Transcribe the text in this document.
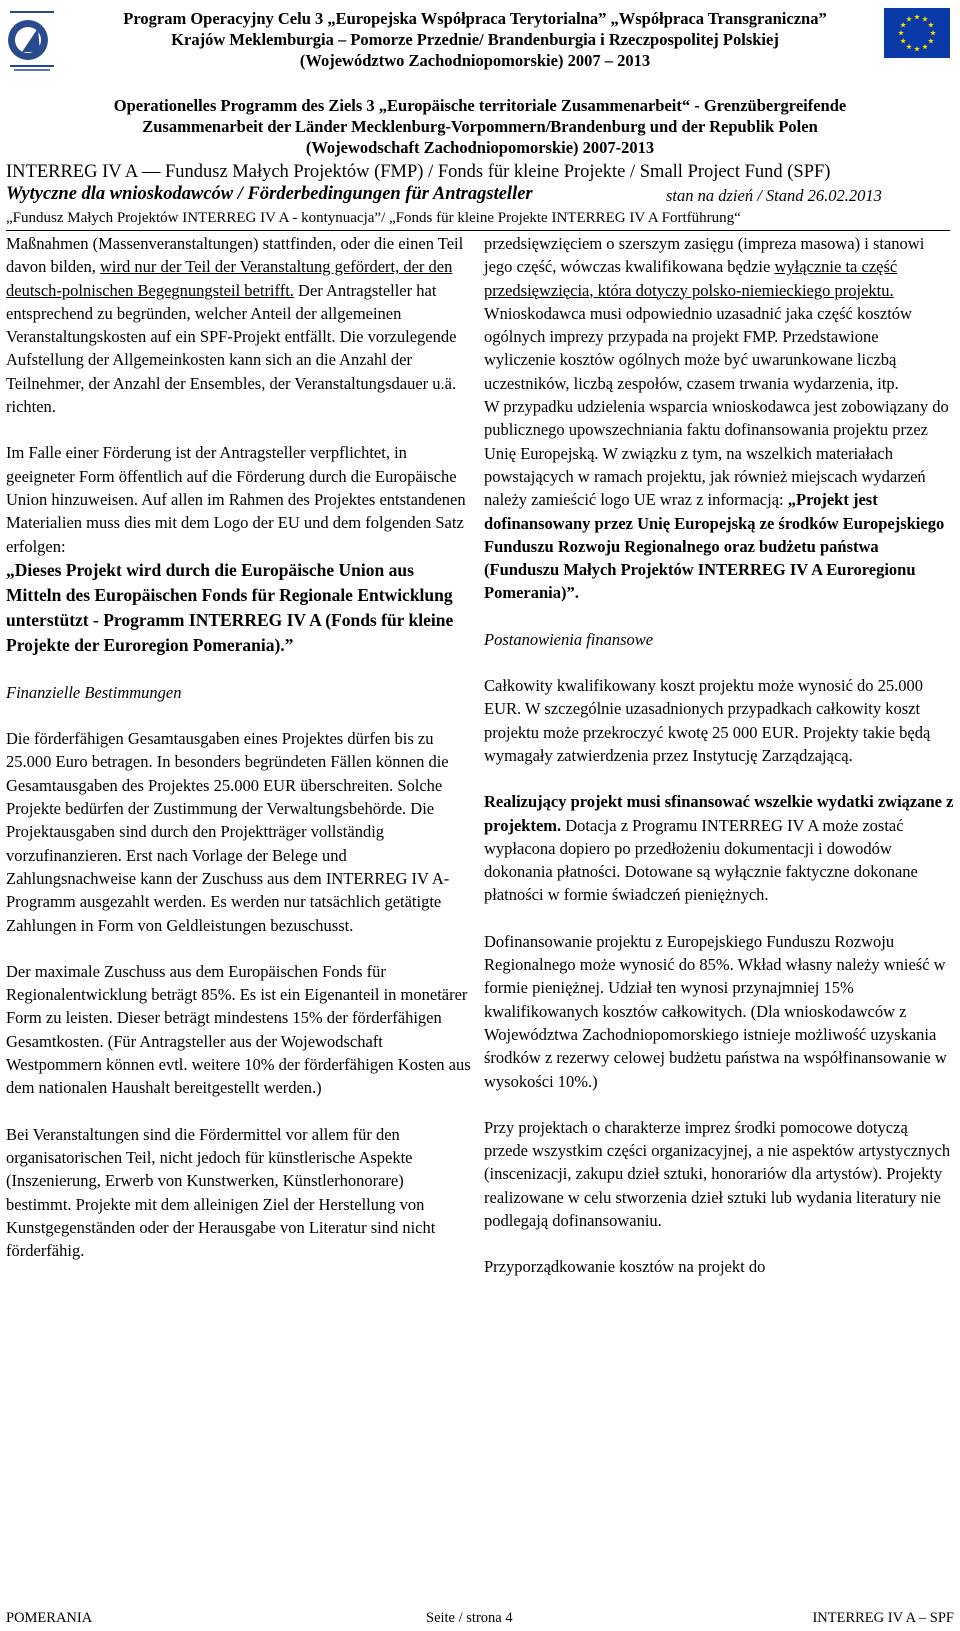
Program Operacyjny Celu 3 „Europejska Współpraca Terytorialna” „Współpraca Transgraniczna”
Krajów Meklemburgia – Pomorze Przednie/ Brandenburgia i Rzeczpospolitej Polskiej
(Województwo Zachodniopomorskie) 2007 – 2013
Operationelles Programm des Ziels 3 „Europäische territoriale Zusammenarbeit“ - Grenzübergreifende
Zusammenarbeit der Länder Mecklenburg-Vorpommern/Brandenburg und der Republik Polen
(Wojewodschaft Zachodniopomorskie) 2007-2013
INTERREG IV A — Fundusz Małych Projektów (FMP) / Fonds für kleine Projekte / Small Project Fund (SPF)
Wytyczne dla wnioskodawców / Förderbedingungen für Antragsteller	stan na dzień / Stand 26.02.2013
„Fundusz Małych Projektów INTERREG IV A - kontynuacja”/ „Fonds für kleine Projekte INTERREG IV A Fortführung“

Maßnahmen (Massenveranstaltungen) stattfinden, oder die einen Teil davon bilden, wird nur der Teil der Veranstaltung gefördert, der den deutsch-polnischen Begegnungsteil betrifft. Der Antragsteller hat entsprechend zu begründen, welcher Anteil der allgemeinen Veranstaltungskosten auf ein SPF-Projekt entfällt. Die vorzulegende Aufstellung der Allgemeinkosten kann sich an die Anzahl der Teilnehmer, der Anzahl der Ensembles, der Veranstaltungsdauer u.ä. richten.

Im Falle einer Förderung ist der Antragsteller verpflichtet, in geeigneter Form öffentlich auf die Förderung durch die Europäische Union hinzuweisen. Auf allen im Rahmen des Projektes entstandenen Materialien muss dies mit dem Logo der EU und dem folgenden Satz erfolgen:

„Dieses Projekt wird durch die Europäische Union aus Mitteln des Europäischen Fonds für Regionale Entwicklung unterstützt - Programm INTERREG IV A (Fonds für kleine Projekte der Euroregion Pomerania).”

Finanzielle Bestimmungen

Die förderfähigen Gesamtausgaben eines Projektes dürfen bis zu 25.000 Euro betragen. In besonders begründeten Fällen können die Gesamtausgaben des Projektes 25.000 EUR überschreiten. Solche Projekte bedürfen der Zustimmung der Verwaltungsbehörde. Die Projektausgaben sind durch den Projektträger vollständig vorzufinanzieren. Erst nach Vorlage der Belege und Zahlungsnachweise kann der Zuschuss aus dem INTERREG IV A-Programm ausgezahlt werden. Es werden nur tatsächlich getätigte Zahlungen in Form von Geldleistungen bezuschusst.

Der maximale Zuschuss aus dem Europäischen Fonds für Regionalentwicklung beträgt 85%. Es ist ein Eigenanteil in monetärer Form zu leisten. Dieser beträgt mindestens 15% der förderfähigen Gesamtkosten. (Für Antragsteller aus der Wojewodschaft Westpommern können evtl. weitere 10% der förderfähigen Kosten aus dem nationalen Haushalt bereitgestellt werden.)

Bei Veranstaltungen sind die Fördermittel vor allem für den organisatorischen Teil, nicht jedoch für künstlerische Aspekte (Inszenierung, Erwerb von Kunstwerken, Künstlerhonorare) bestimmt. Projekte mit dem alleinigen Ziel der Herstellung von Kunstgegenständen oder der Herausgabe von Literatur sind nicht förderfähig.

przedsięwzięciem o szerszym zasięgu (impreza masowa) i stanowi jego część, wówczas kwalifikowana będzie wyłącznie ta część przedsięwzięcia, która dotyczy polsko-niemieckiego projektu.

Wnioskodawca musi odpowiednio uzasadnić jaka część kosztów ogólnych imprezy przypada na projekt FMP. Przedstawione wyliczenie kosztów ogólnych może być uwarunkowane liczbą uczestników, liczbą zespołów, czasem trwania wydarzenia, itp.

W przypadku udzielenia wsparcia wnioskodawca jest zobowiązany do publicznego upowszechniania faktu dofinansowania projektu przez Unię Europejską. W związku z tym, na wszelkich materiałach powstających w ramach projektu, jak również miejscach wydarzeń należy zamieścić logo UE wraz z informacją: „Projekt jest dofinansowany przez Unię Europejską ze środków Europejskiego Funduszu Rozwoju Regionalnego oraz budżetu państwa (Funduszu Małych Projektów INTERREG IV A Euroregionu Pomerania)”.

Postanowienia finansowe

Całkowity kwalifikowany koszt projektu może wynosić do 25.000 EUR. W szczególnie uzasadnionych przypadkach całkowity koszt projektu może przekroczyć kwotę 25 000 EUR. Projekty takie będą wymagały zatwierdzenia przez Instytucję Zarządzającą.

Realizujący projekt musi sfinansować wszelkie wydatki związane z projektem. Dotacja z Programu INTERREG IV A może zostać wypłacona dopiero po przedłożeniu dokumentacji i dowodów dokonania płatności. Dotowane są wyłącznie faktyczne dokonane płatności w formie świadczeń pieniężnych.

Dofinansowanie projektu z Europejskiego Funduszu Rozwoju Regionalnego może wynosić do 85%. Wkład własny należy wnieść w formie pieniężnej. Udział ten wynosi przynajmniej 15% kwalifikowanych kosztów całkowitych. (Dla wnioskodawców z Województwa Zachodniopomorskiego istnieje możliwość uzyskania środków z rezerwy celowej budżetu państwa na współfinansowanie w wysokości 10%.)

Przy projektach o charakterze imprez środki pomocowe dotyczą przede wszystkim części organizacyjnej, a nie aspektów artystycznych (inscenizacji, zakupu dzieł sztuki, honorariów dla artystów). Projekty realizowane w celu stworzenia dzieł sztuki lub wydania literatury nie podlegają dofinansowaniu.

Przyporządkowanie kosztów na projekt do

POMERANIA	Seite / strona 4	INTERREG IV A – SPF
